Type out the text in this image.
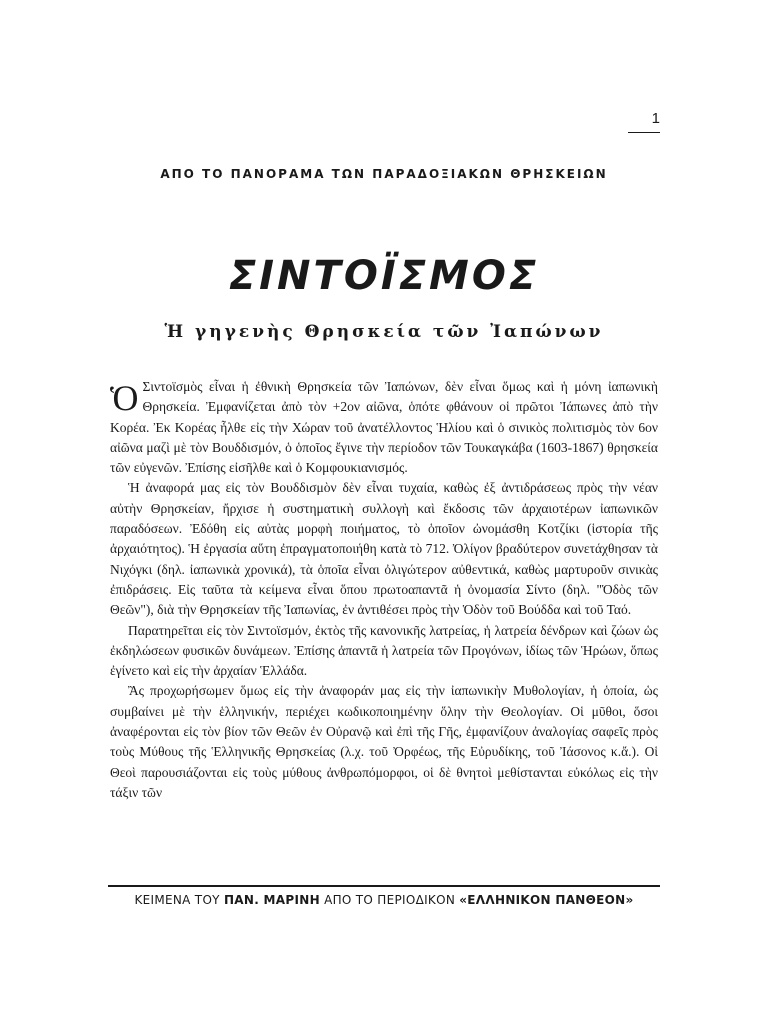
1
ΑΠΟ ΤΟ ΠΑΝΟΡΑΜΑ ΤΩΝ ΠΑΡΑΔΟΞΙΑΚΩΝ ΘΡΗΣΚΕΙΩΝ
ΣΙΝΤΟΪΣΜΟΣ
Ἡ γηγενὴς Θρησκεία τῶν Ἰαπώνων

Ὁ Σιντοϊσμὸς εἶναι ἡ ἐθνικὴ Θρησκεία τῶν Ἰαπώνων, δὲν εἶναι ὅμως καὶ ἡ μόνη ἰαπωνικὴ Θρησκεία. Ἐμφανίζεται ἀπὸ τὸν +2ον αἰῶνα, ὁπότε φθάνουν οἱ πρῶτοι Ἰάπωνες ἀπὸ τὴν Κορέα. Ἐκ Κορέας ἦλθε εἰς τὴν Χώραν τοῦ ἀνατέλλοντος Ἡλίου καὶ ὁ σινικὸς πολιτισμὸς τὸν 6ον αἰῶνα μαζὶ μὲ τὸν Βουδδισμόν, ὁ ὁποῖος ἔγινε τὴν περίοδον τῶν Τουκαγκάβα (1603-1867) θρησκεία τῶν εὐγενῶν. Ἐπίσης εἰσῆλθε καὶ ὁ Κομφουκιανισμός.

Ἡ ἀναφορά μας εἰς τὸν Βουδδισμὸν δὲν εἶναι τυχαία, καθὼς ἐξ ἀντιδράσεως πρὸς τὴν νέαν αὐτὴν Θρησκείαν, ἤρχισε ἡ συστηματικὴ συλλογὴ καὶ ἔκδοσις τῶν ἀρχαιοτέρων ἰαπωνικῶν παραδόσεων. Ἐδόθη εἰς αὐτὰς μορφὴ ποιήματος, τὸ ὁποῖον ὠνομάσθη Κοτζίκι (ἱστορία τῆς ἀρχαιότητος). Ἡ ἐργασία αὕτη ἐπραγματοποιήθη κατὰ τὸ 712. Ὀλίγον βραδύτερον συνετάχθησαν τὰ Νιχόγκι (δηλ. ἰαπωνικὰ χρονικά), τὰ ὁποῖα εἶναι ὀλιγώτερον αὐθεντικά, καθὼς μαρτυροῦν σινικὰς ἐπιδράσεις. Εἰς ταῦτα τὰ κείμενα εἶναι ὅπου πρωτοαπαντᾶ ἡ ὀνομασία Σίντο (δηλ. "Ὁδὸς τῶν Θεῶν"), διὰ τὴν Θρησκείαν τῆς Ἰαπωνίας, ἐν ἀντιθέσει πρὸς τὴν Ὁδὸν τοῦ Βούδδα καὶ τοῦ Ταό.

Παρατηρεῖται εἰς τὸν Σιντοϊσμόν, ἐκτὸς τῆς κανονικῆς λατρείας, ἡ λατρεία δένδρων καὶ ζώων ὡς ἐκδηλώσεων φυσικῶν δυνάμεων. Ἐπίσης ἀπαντᾶ ἡ λατρεία τῶν Προγόνων, ἰδίως τῶν Ἡρώων, ὅπως ἐγίνετο καὶ εἰς τὴν ἀρχαίαν Ἑλλάδα.

Ἂς προχωρήσωμεν ὅμως εἰς τὴν ἀναφοράν μας εἰς τὴν ἰαπωνικὴν Μυθολογίαν, ἡ ὁποία, ὡς συμβαίνει μὲ τὴν ἑλληνικήν, περιέχει κωδικοποιημένην ὅλην τὴν Θεολογίαν. Οἱ μῦθοι, ὅσοι ἀναφέρονται εἰς τὸν βίον τῶν Θεῶν ἐν Οὐρανῷ καὶ ἐπὶ τῆς Γῆς, ἐμφανίζουν ἀναλογίας σαφεῖς πρὸς τοὺς Μύθους τῆς Ἑλληνικῆς Θρησκείας (λ.χ. τοῦ Ὀρφέως, τῆς Εὐρυδίκης, τοῦ Ἰάσονος κ.ἄ.). Οἱ Θεοὶ παρουσιάζονται εἰς τοὺς μύθους ἀνθρωπόμορφοι, οἱ δὲ θνητοὶ μεθίστανται εὐκόλως εἰς τὴν τάξιν τῶν

ΚΕΙΜΕΝΑ ΤΟΥ ΠΑΝ. ΜΑΡΙΝΗ ΑΠΟ ΤΟ ΠΕΡΙΟΔΙΚΟΝ «ΕΛΛΗΝΙΚΟΝ ΠΑΝΘΕΟΝ»
